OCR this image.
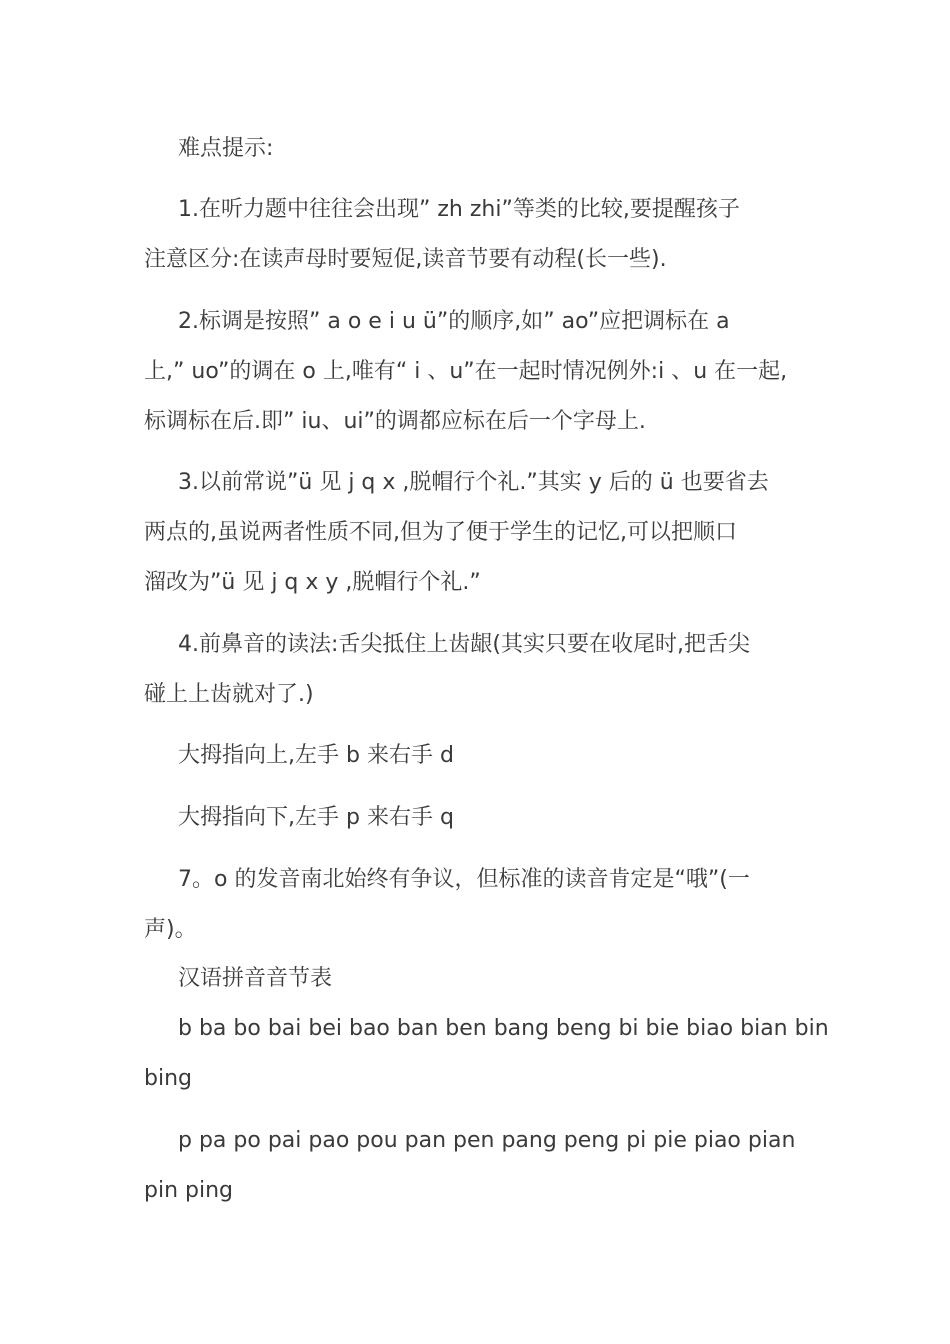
难点提示:
1.在听力题中往往会出现” zh zhi”等类的比较,要提醒孩子
注意区分:在读声母时要短促,读音节要有动程(长一些).
2.标调是按照” a o e i u ü”的顺序,如” ao”应把调标在 a
上,” uo”的调在 o 上,唯有“ i 、u”在一起时情况例外:i 、u 在一起,
标调标在后.即” iu、ui”的调都应标在后一个字母上.
3.以前常说”ü 见 j q x ,脱帽行个礼.”其实 y 后的 ü 也要省去
两点的,虽说两者性质不同,但为了便于学生的记忆,可以把顺口
溜改为”ü 见 j q x y ,脱帽行个礼.”
4.前鼻音的读法:舌尖抵住上齿龈(其实只要在收尾时,把舌尖
碰上上齿就对了.)
大拇指向上,左手 b 来右手 d
大拇指向下,左手 p 来右手 q
7。o 的发音南北始终有争议，但标准的读音肯定是“哦”(一
声)。
汉语拼音音节表
b ba bo bai bei bao ban ben bang beng bi bie biao bian bin
bing
p pa po pai pao pou pan pen pang peng pi pie piao pian
pin ping
